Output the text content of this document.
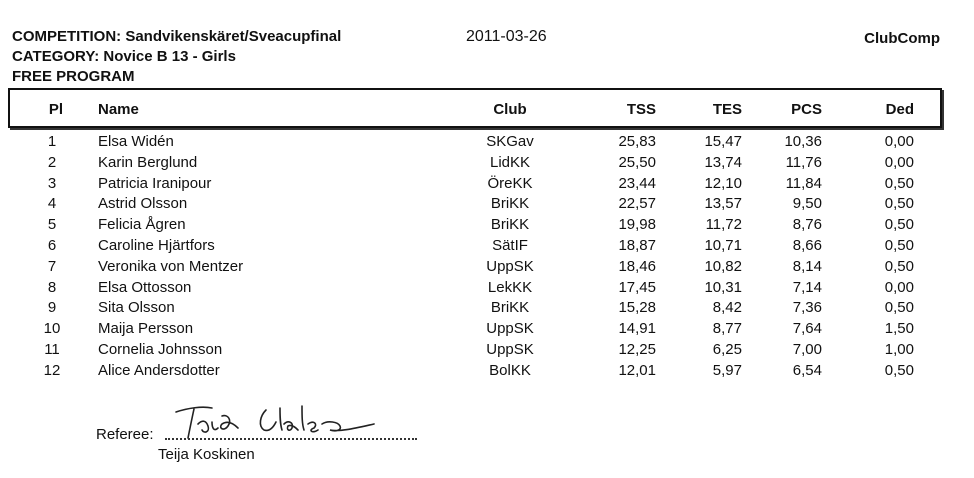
COMPETITION: Sandvikenskäret/Sveacupfinal
CATEGORY: Novice B 13 - Girls
FREE PROGRAM
2011-03-26	ClubComp
Pl	Name	Club	TSS	TES	PCS	Ded
1	Elsa Widén	SKGav	25,83	15,47	10,36	0,00
2	Karin Berglund	LidKK	25,50	13,74	11,76	0,00
3	Patricia Iranipour	ÖreKK	23,44	12,10	11,84	0,50
4	Astrid Olsson	BriKK	22,57	13,57	9,50	0,50
5	Felicia Ågren	BriKK	19,98	11,72	8,76	0,50
6	Caroline Hjärtfors	SätIF	18,87	10,71	8,66	0,50
7	Veronika von Mentzer	UppSK	18,46	10,82	8,14	0,50
8	Elsa Ottosson	LekKK	17,45	10,31	7,14	0,00
9	Sita Olsson	BriKK	15,28	8,42	7,36	0,50
10	Maija Persson	UppSK	14,91	8,77	7,64	1,50
11	Cornelia Johnsson	UppSK	12,25	6,25	7,00	1,00
12	Alice Andersdotter	BolKK	12,01	5,97	6,54	0,50
Referee:
Teija Koskinen
